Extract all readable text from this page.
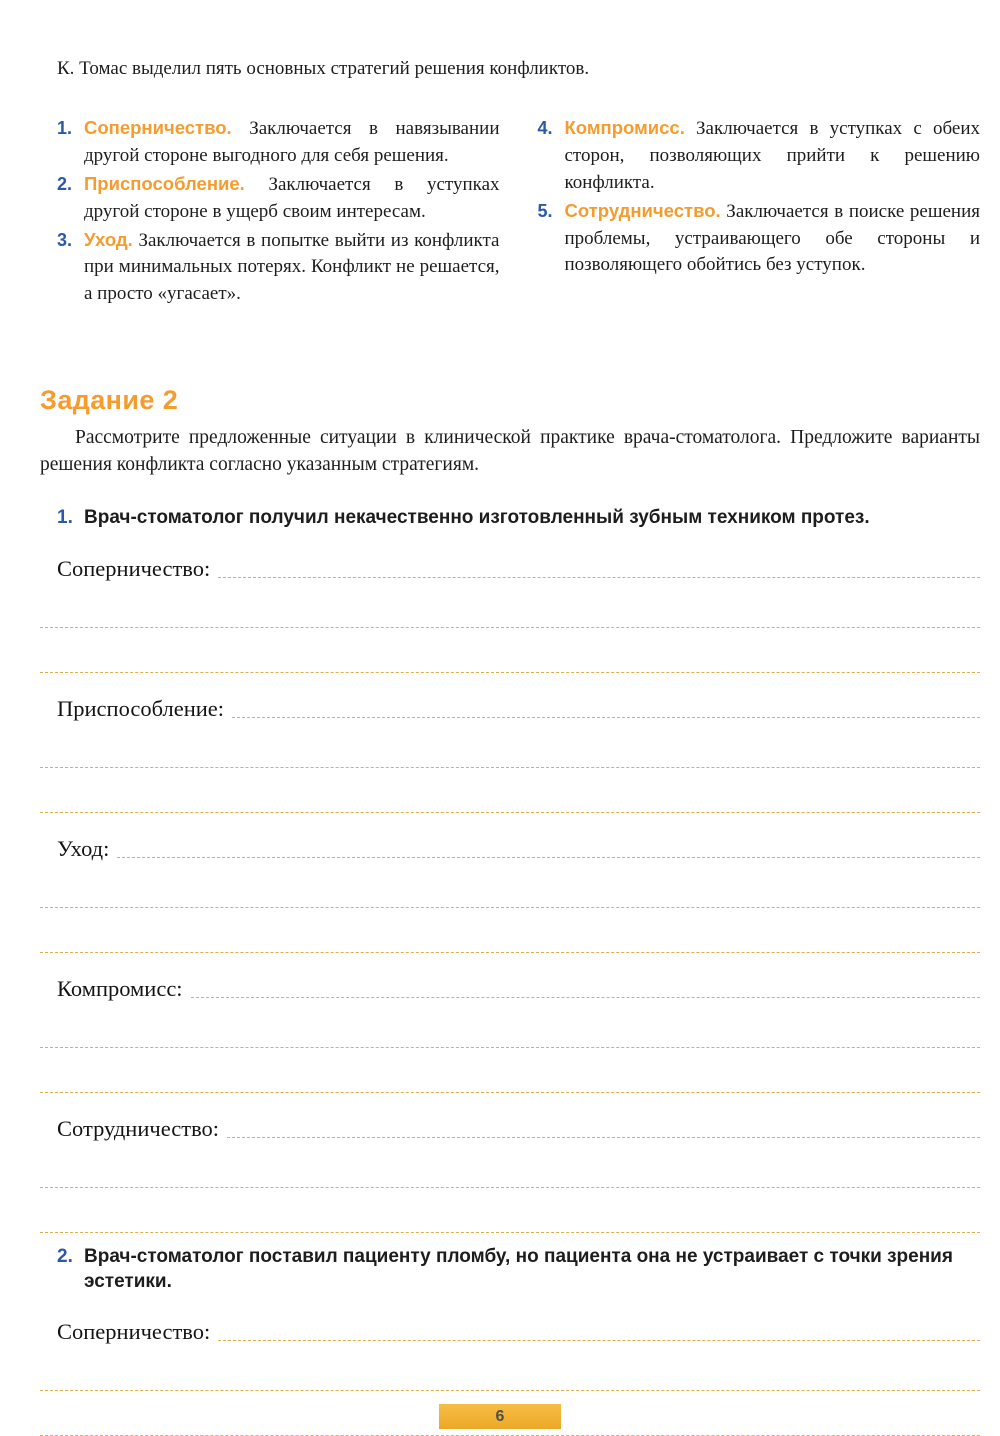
К. Томас выделил пять основных стратегий решения конфликтов.

1. Соперничество. Заключается в навязывании другой стороне выгодного для себя решения.

2. Приспособление. Заключается в уступках другой стороне в ущерб своим интересам.

3. Уход. Заключается в попытке выйти из конфликта при минимальных потерях. Конфликт не решается, а просто «угасает».

4. Компромисс. Заключается в уступках с обеих сторон, позволяющих прийти к решению конфликта.

5. Сотрудничество. Заключается в поиске решения проблемы, устраивающего обе стороны и позволяющего обойтись без уступок.

Задание 2

Рассмотрите предложенные ситуации в клинической практике врача-стоматолога. Предложите варианты решения конфликта согласно указанным стратегиям.

1. Врач-стоматолог получил некачественно изготовленный зубным техником протез.

Соперничество:
Приспособление:
Уход:
Компромисс:
Сотрудничество:

2. Врач-стоматолог поставил пациенту пломбу, но пациента она не устраивает с точки зрения эстетики.

Соперничество:
6
